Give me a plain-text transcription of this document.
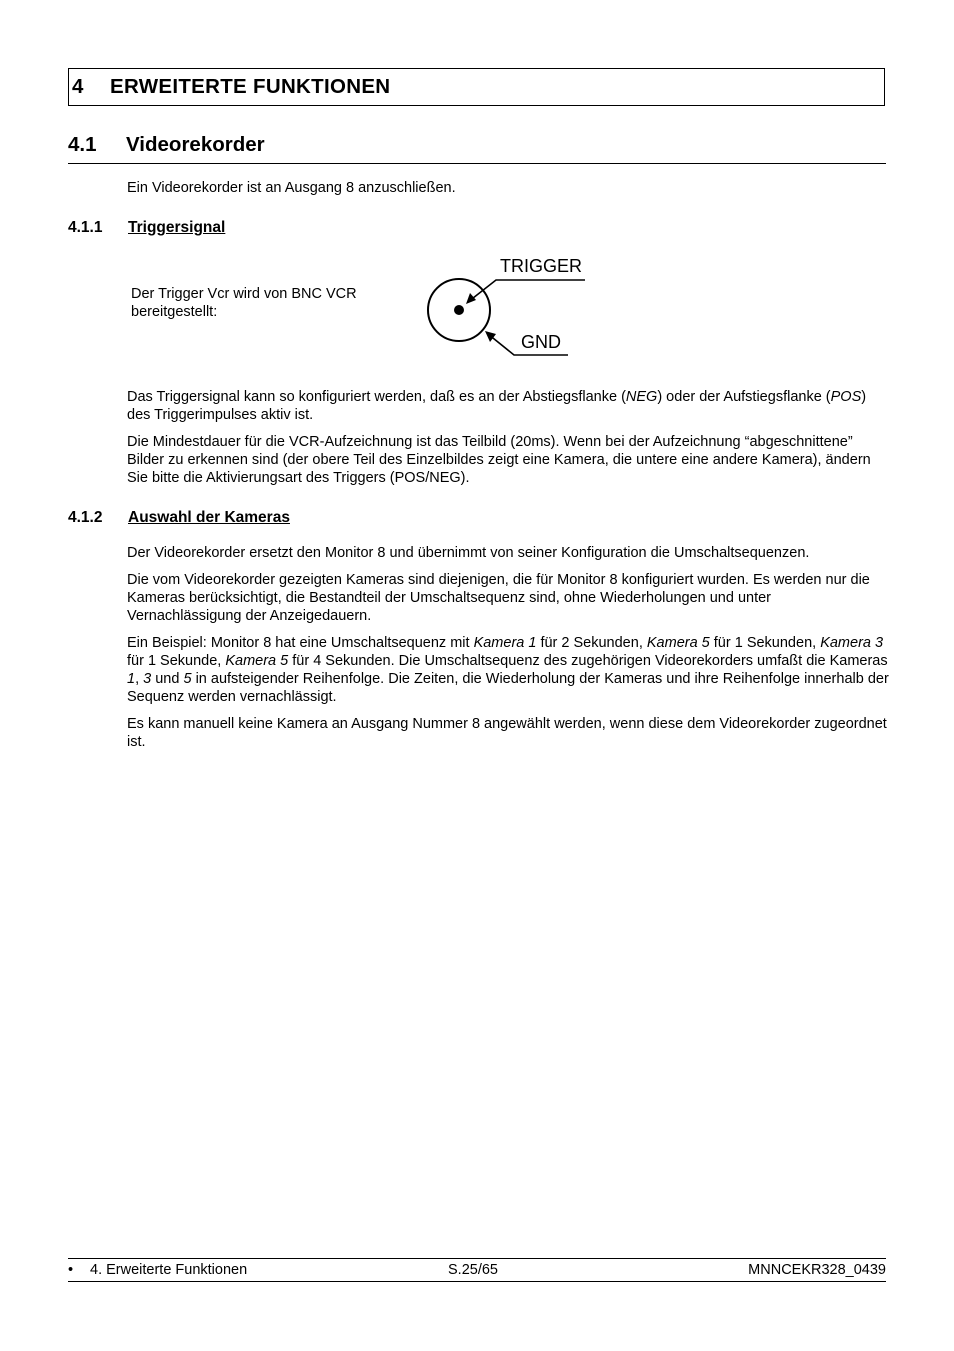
4 ERWEITERTE FUNKTIONEN
4.1 Videorekorder

Ein Videorekorder ist an Ausgang 8 anzuschließen.

4.1.1 Triggersignal

Der Trigger Vcr wird von BNC VCR
bereitgestellt:

TRIGGER
GND

Das Triggersignal kann so konfiguriert werden, daß es an der Abstiegsflanke (NEG) oder der Aufstiegsflanke (POS) des Triggerimpulses aktiv ist.

Die Mindestdauer für die VCR-Aufzeichnung ist das Teilbild (20ms). Wenn bei der Aufzeichnung “abgeschnittene” Bilder zu erkennen sind (der obere Teil des Einzelbildes zeigt eine Kamera, die untere eine andere Kamera), ändern Sie bitte die Aktivierungsart des Triggers (POS/NEG).

4.1.2 Auswahl der Kameras

Der Videorekorder ersetzt den Monitor 8 und übernimmt von seiner Konfiguration die Umschaltsequenzen.

Die vom Videorekorder gezeigten Kameras sind diejenigen, die für Monitor 8 konfiguriert wurden. Es werden nur die Kameras berücksichtigt, die Bestandteil der Umschaltsequenz sind, ohne Wiederholungen und unter Vernachlässigung der Anzeigedauern.

Ein Beispiel: Monitor 8 hat eine Umschaltsequenz mit Kamera 1 für 2 Sekunden, Kamera 5 für 1 Sekunden, Kamera 3 für 1 Sekunde, Kamera 5 für 4 Sekunden. Die Umschaltsequenz des zugehörigen Videorekorders umfaßt die Kameras 1, 3 und 5 in aufsteigender Reihenfolge. Die Zeiten, die Wiederholung der Kameras und ihre Reihenfolge innerhalb der Sequenz werden vernachlässigt.

Es kann manuell keine Kamera an Ausgang Nummer 8 angewählt werden, wenn diese dem Videorekorder zugeordnet ist.

• 4. Erweiterte Funktionen	S.25/65	MNNCEKR328_0439
